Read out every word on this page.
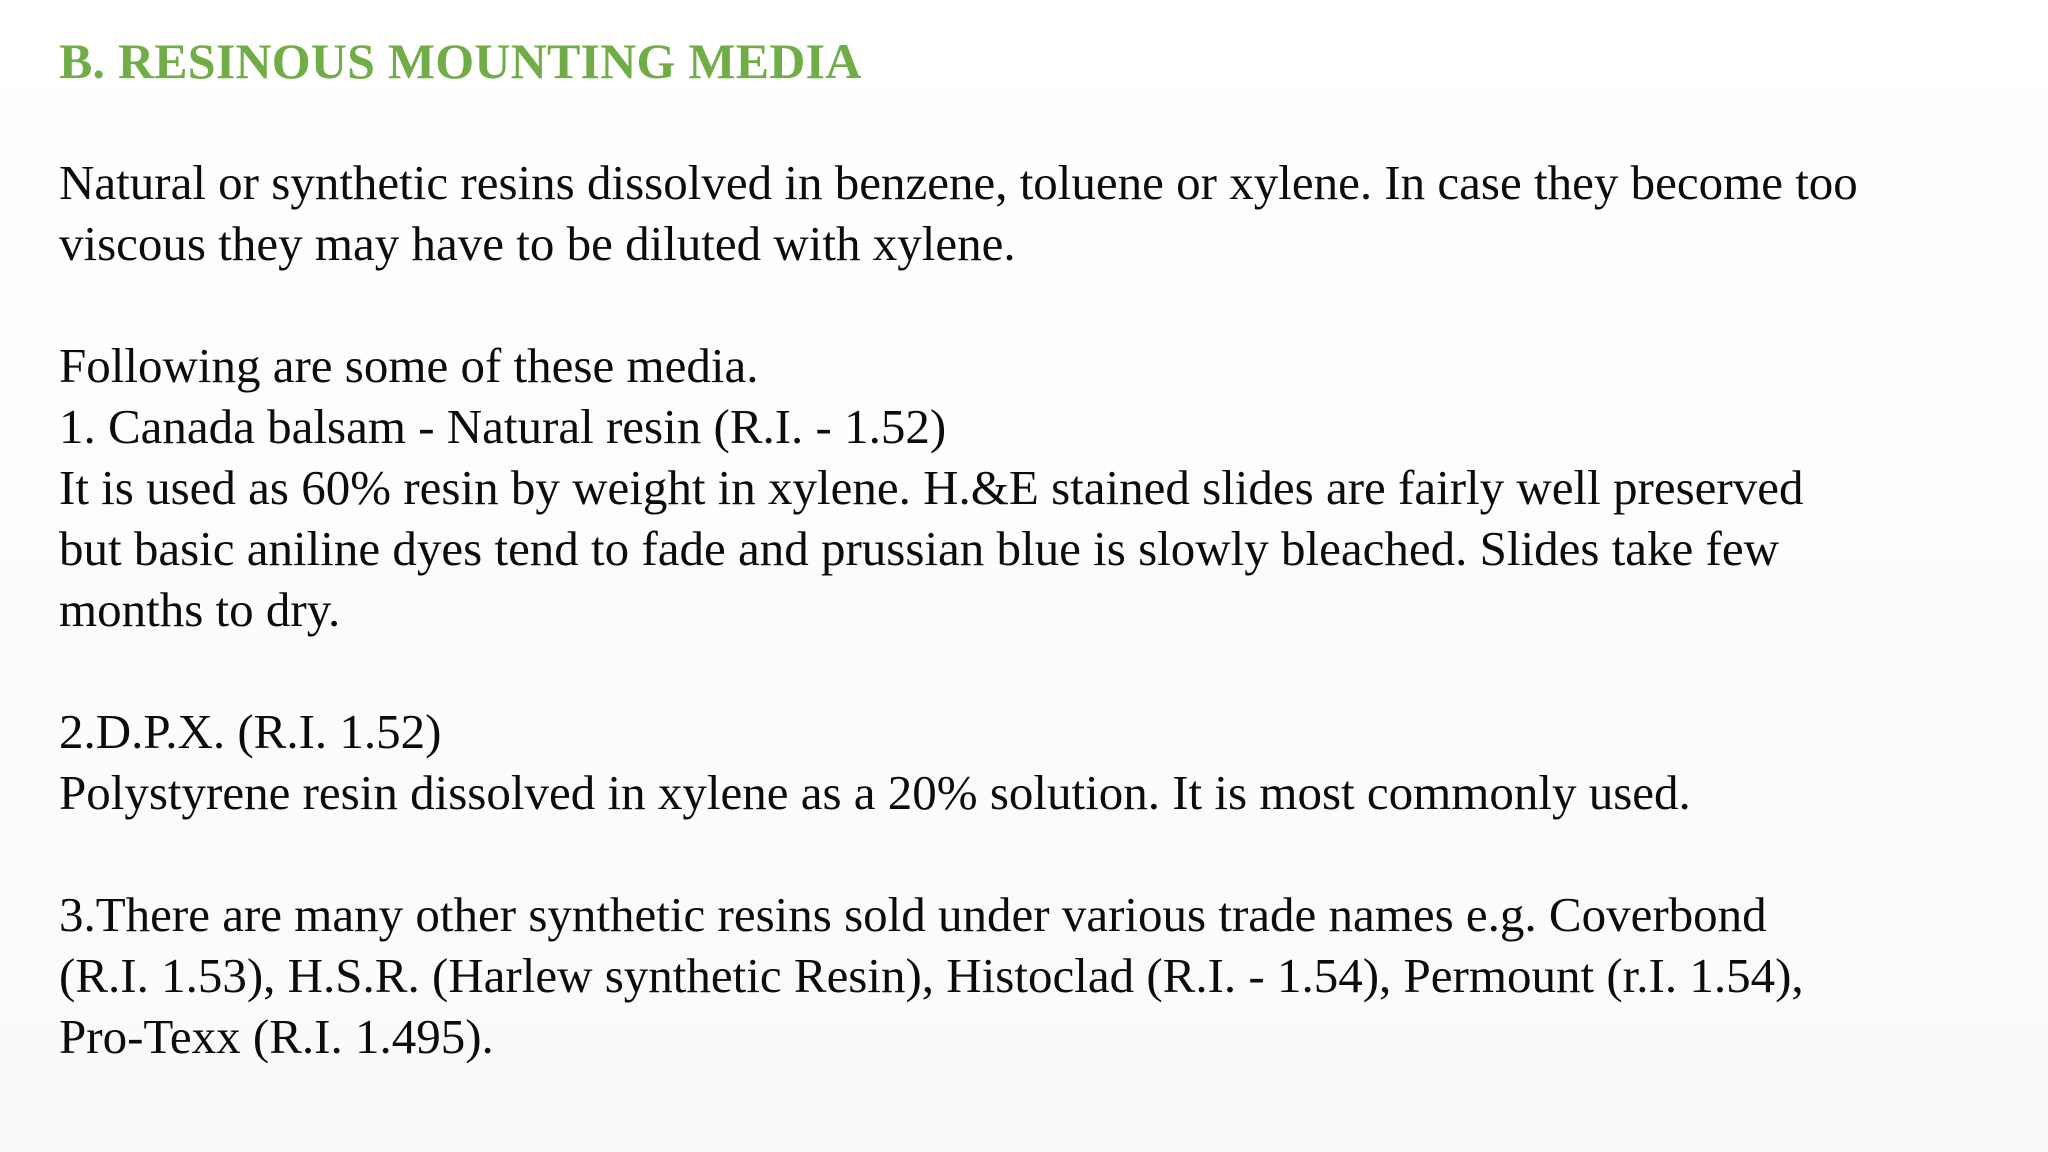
B. RESINOUS MOUNTING MEDIA
Natural or synthetic resins dissolved in benzene, toluene or xylene. In case they become too
viscous they may have to be diluted with xylene.
Following are some of these media.
1. Canada balsam - Natural resin (R.I. - 1.52)
It is used as 60% resin by weight in xylene. H.&E stained slides are fairly well preserved
but basic aniline dyes tend to fade and prussian blue is slowly bleached. Slides take few
months to dry.
2.D.P.X. (R.I. 1.52)
Polystyrene resin dissolved in xylene as a 20% solution. It is most commonly used.
3.There are many other synthetic resins sold under various trade names e.g. Coverbond
(R.I. 1.53), H.S.R. (Harlew synthetic Resin), Histoclad (R.I. - 1.54), Permount (r.I. 1.54),
Pro-Texx (R.I. 1.495).
